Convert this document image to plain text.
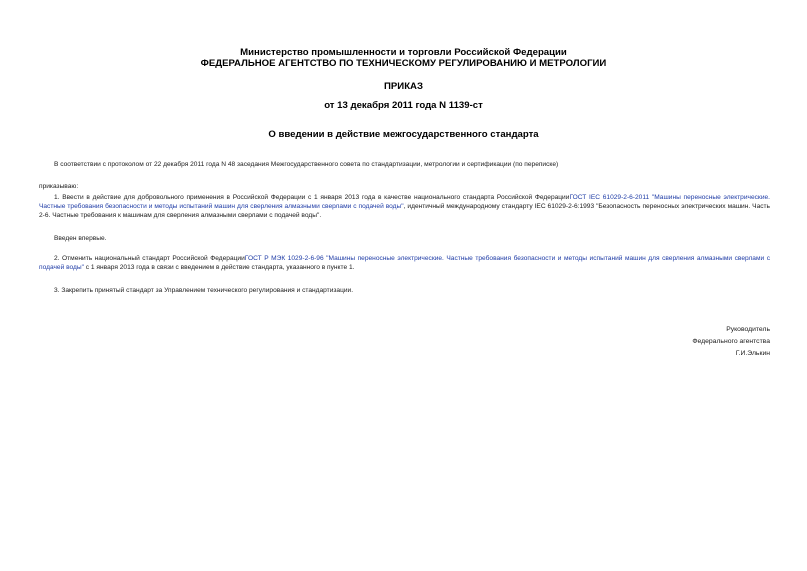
Министерство промышленности и торговли Российской Федерации
ФЕДЕРАЛЬНОЕ АГЕНТСТВО ПО ТЕХНИЧЕСКОМУ РЕГУЛИРОВАНИЮ И МЕТРОЛОГИИ
ПРИКАЗ
от 13 декабря 2011 года N 1139-ст
О введении в действие межгосударственного стандарта
В соответствии с протоколом от 22 декабря 2011 года N 48 заседания Межгосударственного совета по стандартизации, метрологии и сертификации (по переписке)
приказываю:
1. Ввести в действие для добровольного применения в Российской Федерации с 1 января 2013 года в качестве национального стандарта Российской ФедерацииГОСТ IEC 61029-2-6-2011 "Машины переносные электрические. Частные требования безопасности и методы испытаний машин для сверления алмазными сверлами с подачей воды", идентичный международному стандарту IEC 61029-2-6:1993 "Безопасность переносных электрических машин. Часть 2-6. Частные требования к машинам для сверления алмазными сверлами с подачей воды".
Введен впервые.
2. Отменить национальный стандарт Российской ФедерацииГОСТ Р МЭК 1029-2-6-96 "Машины переносные электрические. Частные требования безопасности и методы испытаний машин для сверления алмазными сверлами с подачей воды" с 1 января 2013 года в связи с введением в действие стандарта, указанного в пункте 1.
3. Закрепить принятый стандарт за Управлением технического регулирования и стандартизации.
Руководитель
Федерального агентства
Г.И.Элькин
